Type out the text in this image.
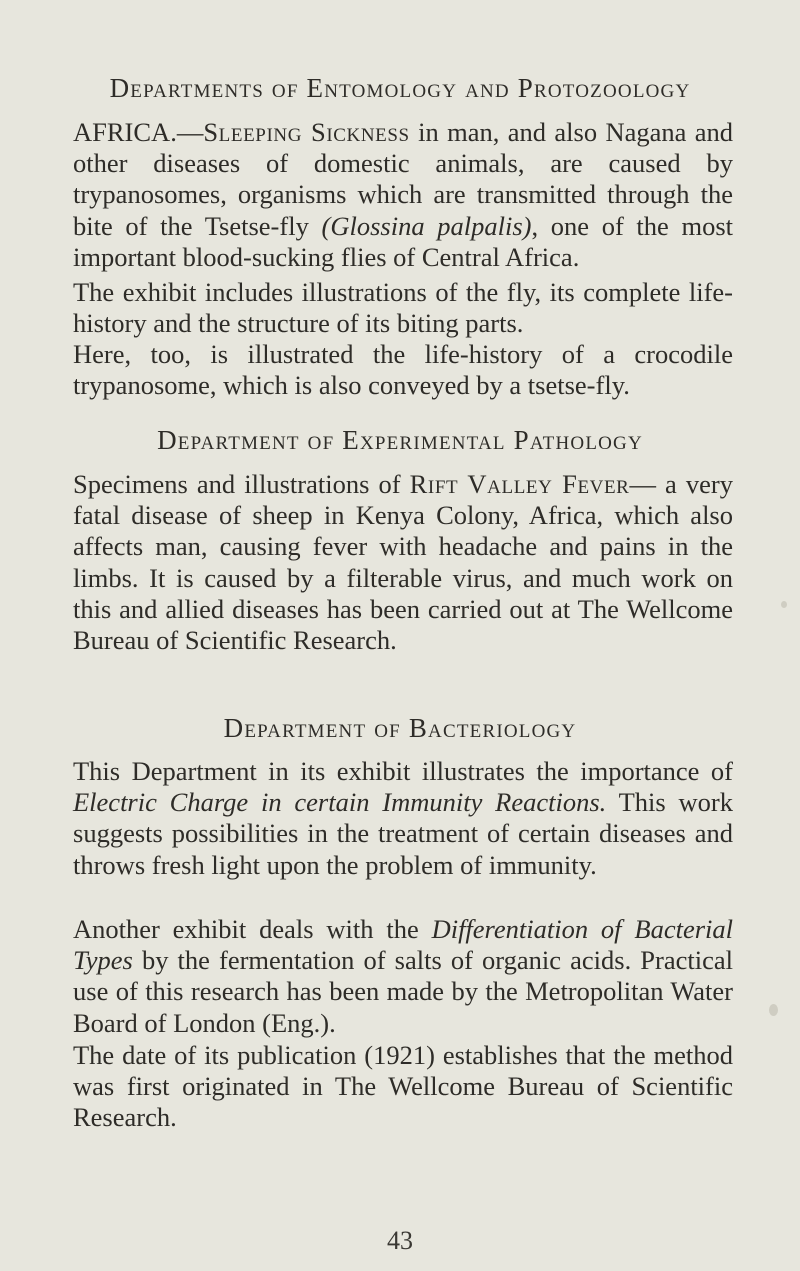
Departments of Entomology and Protozoology

AFRICA.—Sleeping Sickness in man, and also Nagana and other diseases of domestic animals, are caused by trypanosomes, organisms which are transmitted through the bite of the Tsetse-fly (Glossina palpalis), one of the most important blood-sucking flies of Central Africa.

The exhibit includes illustrations of the fly, its complete life-history and the structure of its biting parts.

Here, too, is illustrated the life-history of a crocodile trypanosome, which is also conveyed by a tsetse-fly.

Department of Experimental Pathology

Specimens and illustrations of Rift Valley Fever— a very fatal disease of sheep in Kenya Colony, Africa, which also affects man, causing fever with headache and pains in the limbs. It is caused by a filterable virus, and much work on this and allied diseases has been carried out at The Wellcome Bureau of Scientific Research.

Department of Bacteriology

This Department in its exhibit illustrates the importance of Electric Charge in certain Immunity Reactions. This work suggests possibilities in the treatment of certain diseases and throws fresh light upon the problem of immunity.

Another exhibit deals with the Differentiation of Bacterial Types by the fermentation of salts of organic acids. Practical use of this research has been made by the Metropolitan Water Board of London (Eng.).

The date of its publication (1921) establishes that the method was first originated in The Wellcome Bureau of Scientific Research.

43
